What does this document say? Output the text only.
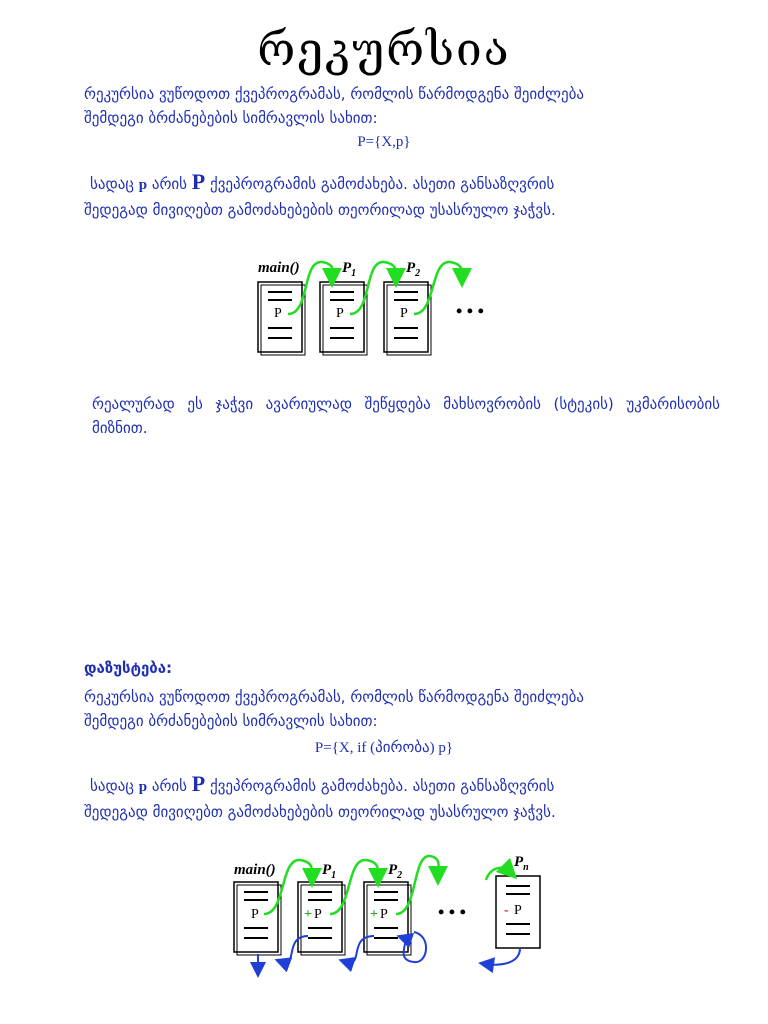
რეკურსია
რეკურსია ვუწოდოთ ქვეპროგრამას, რომლის წარმოდგენა შეიძლება
შემდეგი ბრძანებების სიმრავლის სახით:
P={X,p}
სადაც p არის P ქვეპროგრამის გამოძახება. ასეთი განსაზღვრის
შედეგად მივიღებთ გამოძახებების თეორილად უსასრულო ჯაჭვს.
main()	$P_1$	$P_2$
P	P	P	• • •
რეალურად ეს ჯაჭვი ავარიულად შეწყდება მახსოვრობის (სტეკის) უკმარისობის მიზნით.
დაზუსტება:
რეკურსია ვუწოდოთ ქვეპროგრამას, რომლის წარმოდგენა შეიძლება
შემდეგი ბრძანებების სიმრავლის სახით:
P={X, if (პირობა) p}
სადაც p არის P ქვეპროგრამის გამოძახება. ასეთი განსაზღვრის
შედეგად მივიღებთ გამოძახებების თეორილად უსასრულო ჯაჭვს.
main()	$P_1$	$P_2$
$P_n$
P	+ P	+ P	- P
• • •
